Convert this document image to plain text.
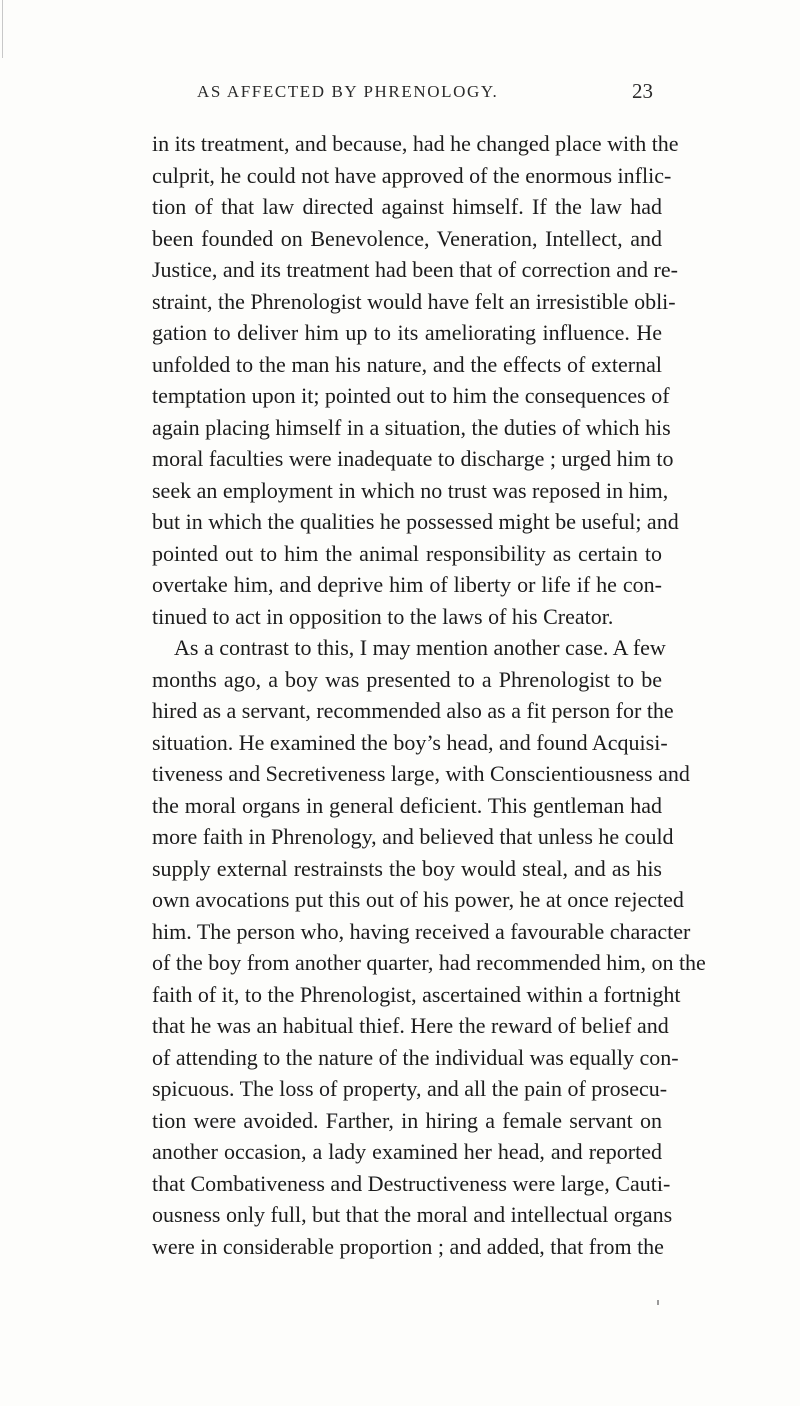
AS AFFECTED BY PHRENOLOGY.	23
in its treatment, and because, had he changed place with the
culprit, he could not have approved of the enormous inflic-
tion of that law directed against himself. If the law had
been founded on Benevolence, Veneration, Intellect, and
Justice, and its treatment had been that of correction and re-
straint, the Phrenologist would have felt an irresistible obli-
gation to deliver him up to its ameliorating influence. He
unfolded to the man his nature, and the effects of external
temptation upon it; pointed out to him the consequences of
again placing himself in a situation, the duties of which his
moral faculties were inadequate to discharge ; urged him to
seek an employment in which no trust was reposed in him,
but in which the qualities he possessed might be useful; and
pointed out to him the animal responsibility as certain to
overtake him, and deprive him of liberty or life if he con-
tinued to act in opposition to the laws of his Creator.
As a contrast to this, I may mention another case. A few
months ago, a boy was presented to a Phrenologist to be
hired as a servant, recommended also as a fit person for the
situation. He examined the boy’s head, and found Acquisi-
tiveness and Secretiveness large, with Conscientiousness and
the moral organs in general deficient. This gentleman had
more faith in Phrenology, and believed that unless he could
supply external restrainsts the boy would steal, and as his
own avocations put this out of his power, he at once rejected
him. The person who, having received a favourable character
of the boy from another quarter, had recommended him, on the
faith of it, to the Phrenologist, ascertained within a fortnight
that he was an habitual thief. Here the reward of belief and
of attending to the nature of the individual was equally con-
spicuous. The loss of property, and all the pain of prosecu-
tion were avoided. Farther, in hiring a female servant on
another occasion, a lady examined her head, and reported
that Combativeness and Destructiveness were large, Cauti-
ousness only full, but that the moral and intellectual organs
were in considerable proportion ; and added, that from the
